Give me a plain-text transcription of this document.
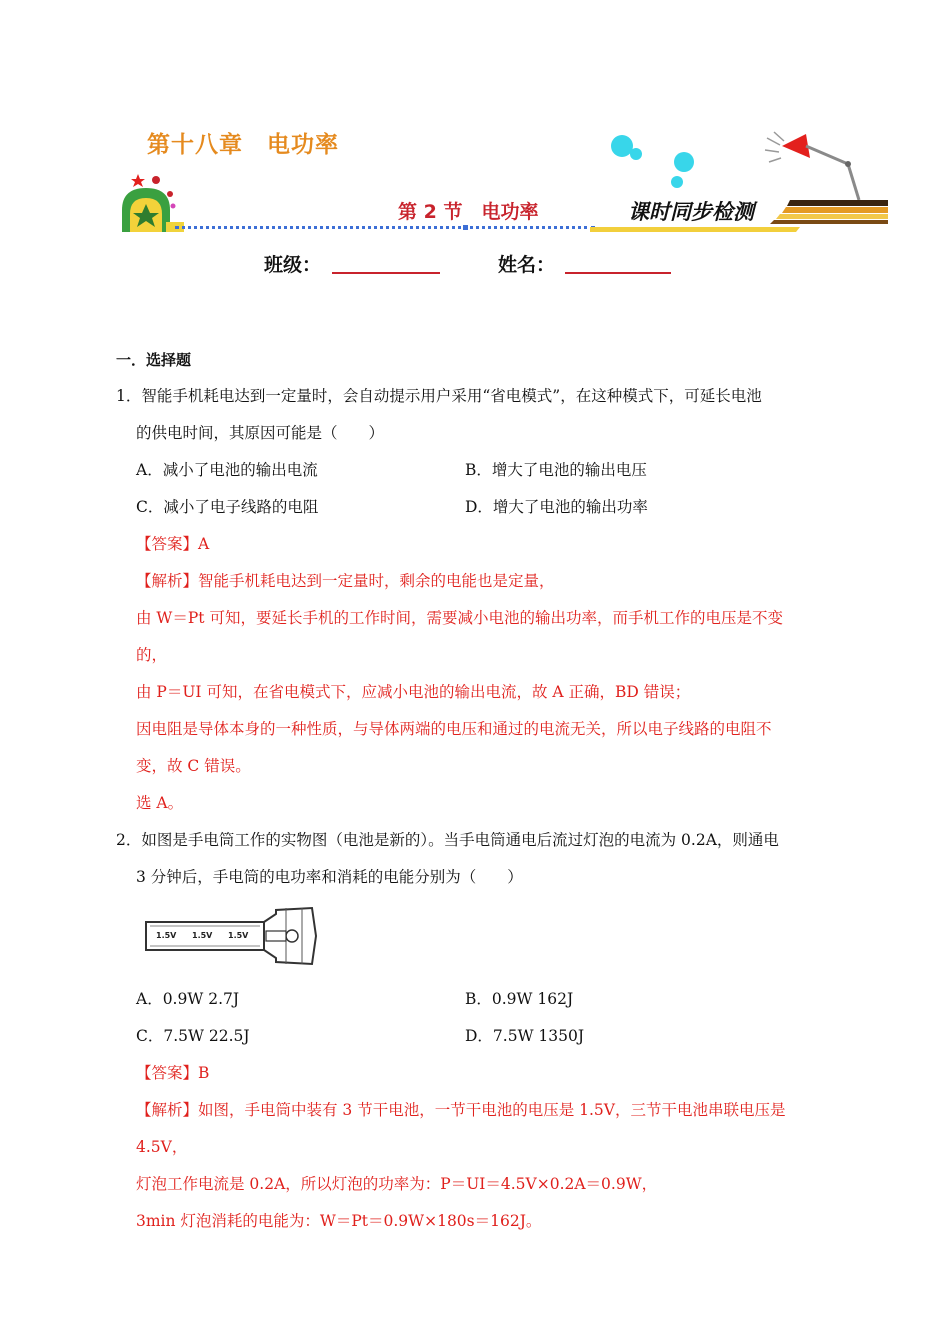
第十八章　电功率
第 2 节　电功率	课时同步检测
班级：	姓名：
一．选择题
1．智能手机耗电达到一定量时，会自动提示用户采用“省电模式”，在这种模式下，可延长电池
的供电时间，其原因可能是（　　）
A．减小了电池的输出电流	B．增大了电池的输出电压
C．减小了电子线路的电阻	D．增大了电池的输出功率
【答案】A
【解析】智能手机耗电达到一定量时，剩余的电能也是定量，
由 W＝Pt 可知，要延长手机的工作时间，需要减小电池的输出功率，而手机工作的电压是不变
的，
由 P＝UI 可知，在省电模式下，应减小电池的输出电流，故 A 正确，BD 错误；
因电阻是导体本身的一种性质，与导体两端的电压和通过的电流无关，所以电子线路的电阻不
变，故 C 错误。
选 A。
2．如图是手电筒工作的实物图（电池是新的）。当手电筒通电后流过灯泡的电流为 0.2A，则通电
3 分钟后，手电筒的电功率和消耗的电能分别为（　　）
1.5V 1.5V 1.5V
A．0.9W 2.7J	B．0.9W 162J
C．7.5W 22.5J	D．7.5W 1350J
【答案】B
【解析】如图，手电筒中装有 3 节干电池，一节干电池的电压是 1.5V，三节干电池串联电压是
4.5V，
灯泡工作电流是 0.2A，所以灯泡的功率为：P＝UI＝4.5V×0.2A＝0.9W，
3min 灯泡消耗的电能为：W＝Pt＝0.9W×180s＝162J。
